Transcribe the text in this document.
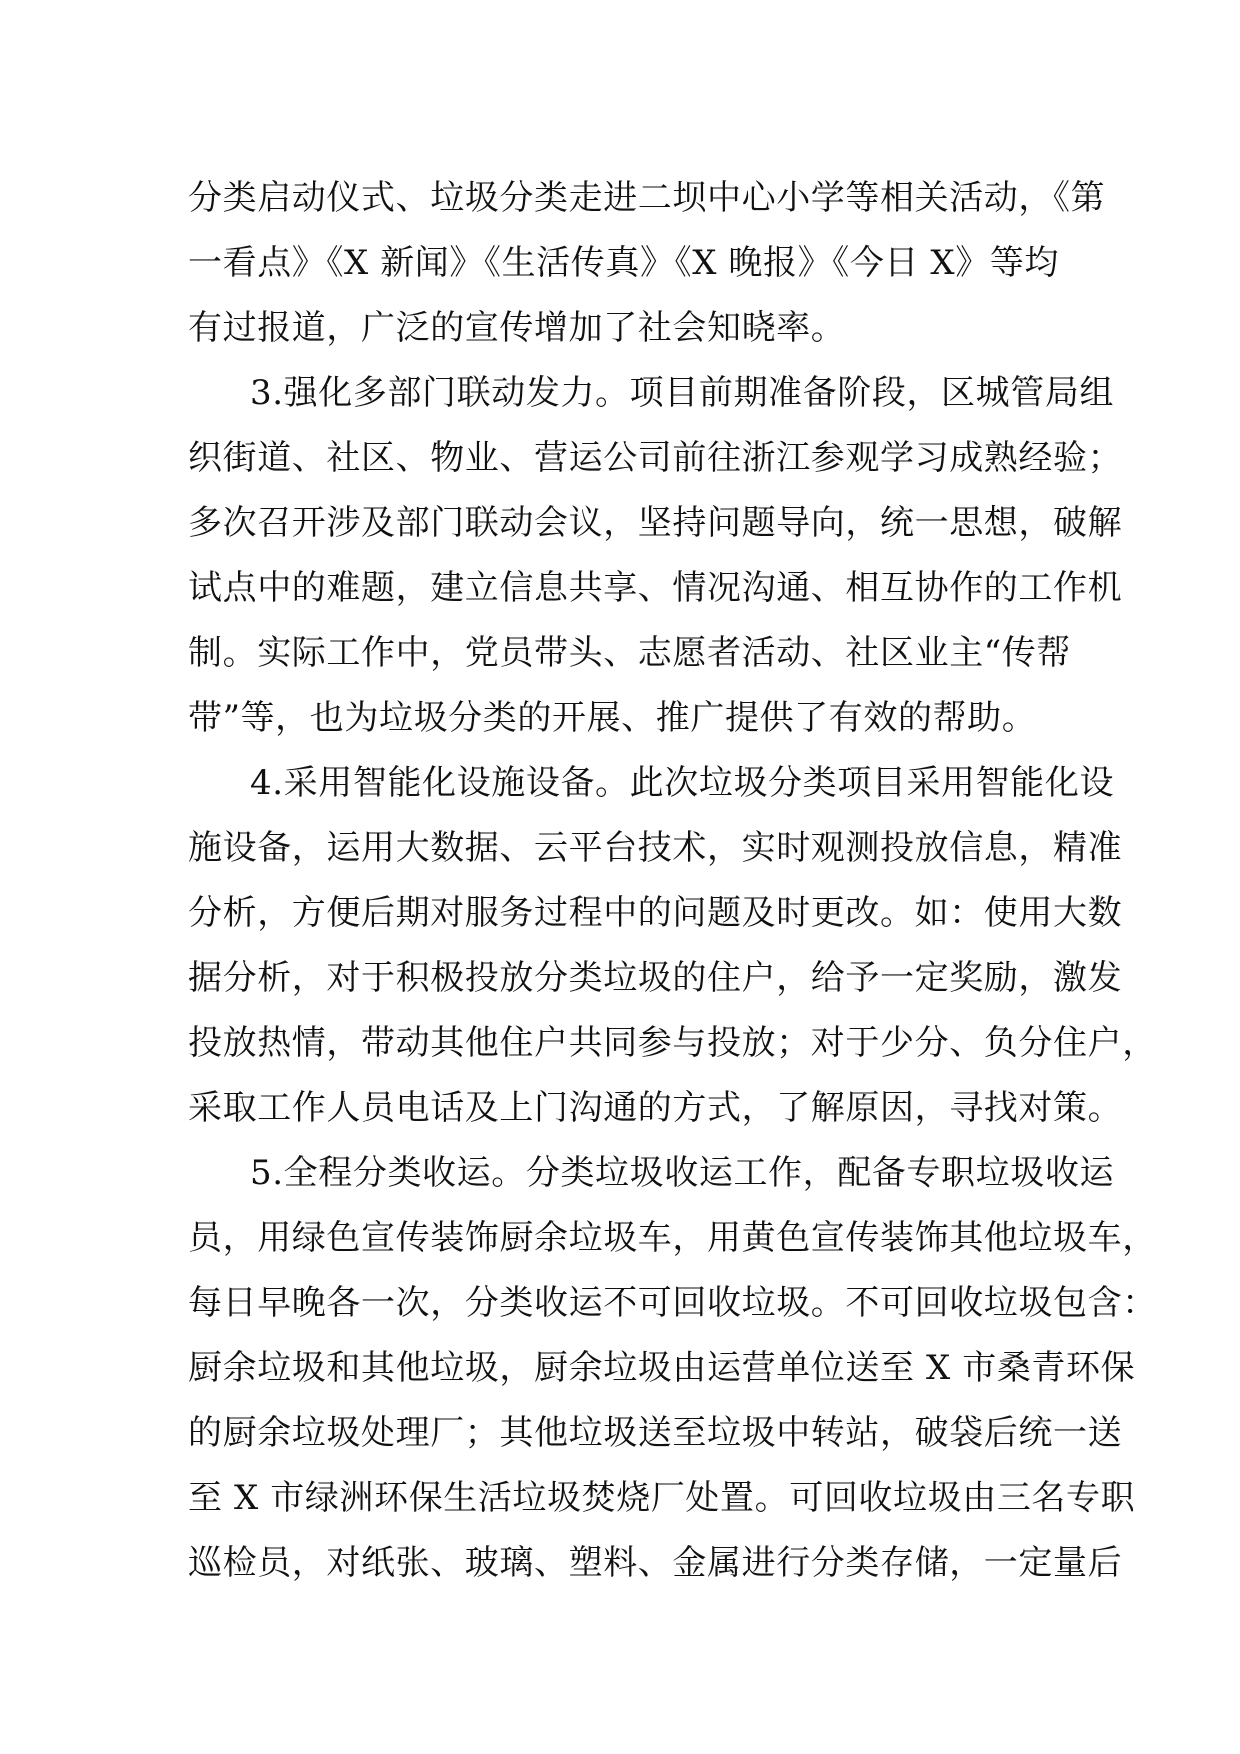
分类启动仪式、垃圾分类走进二坝中心小学等相关活动，《第
一看点》《X 新闻》《生活传真》《X 晚报》《今日 X》等均
有过报道，广泛的宣传增加了社会知晓率。
3.强化多部门联动发力。项目前期准备阶段，区城管局组
织街道、社区、物业、营运公司前往浙江参观学习成熟经验；
多次召开涉及部门联动会议，坚持问题导向，统一思想，破解
试点中的难题，建立信息共享、情况沟通、相互协作的工作机
制。实际工作中，党员带头、志愿者活动、社区业主“传帮
带”等，也为垃圾分类的开展、推广提供了有效的帮助。
4.采用智能化设施设备。此次垃圾分类项目采用智能化设
施设备，运用大数据、云平台技术，实时观测投放信息，精准
分析，方便后期对服务过程中的问题及时更改。如：使用大数
据分析，对于积极投放分类垃圾的住户，给予一定奖励，激发
投放热情，带动其他住户共同参与投放；对于少分、负分住户，
采取工作人员电话及上门沟通的方式，了解原因，寻找对策。
5.全程分类收运。分类垃圾收运工作，配备专职垃圾收运
员，用绿色宣传装饰厨余垃圾车，用黄色宣传装饰其他垃圾车，
每日早晚各一次，分类收运不可回收垃圾。不可回收垃圾包含：
厨余垃圾和其他垃圾，厨余垃圾由运营单位送至 X 市桑青环保
的厨余垃圾处理厂；其他垃圾送至垃圾中转站，破袋后统一送
至 X 市绿洲环保生活垃圾焚烧厂处置。可回收垃圾由三名专职
巡检员，对纸张、玻璃、塑料、金属进行分类存储，一定量后
